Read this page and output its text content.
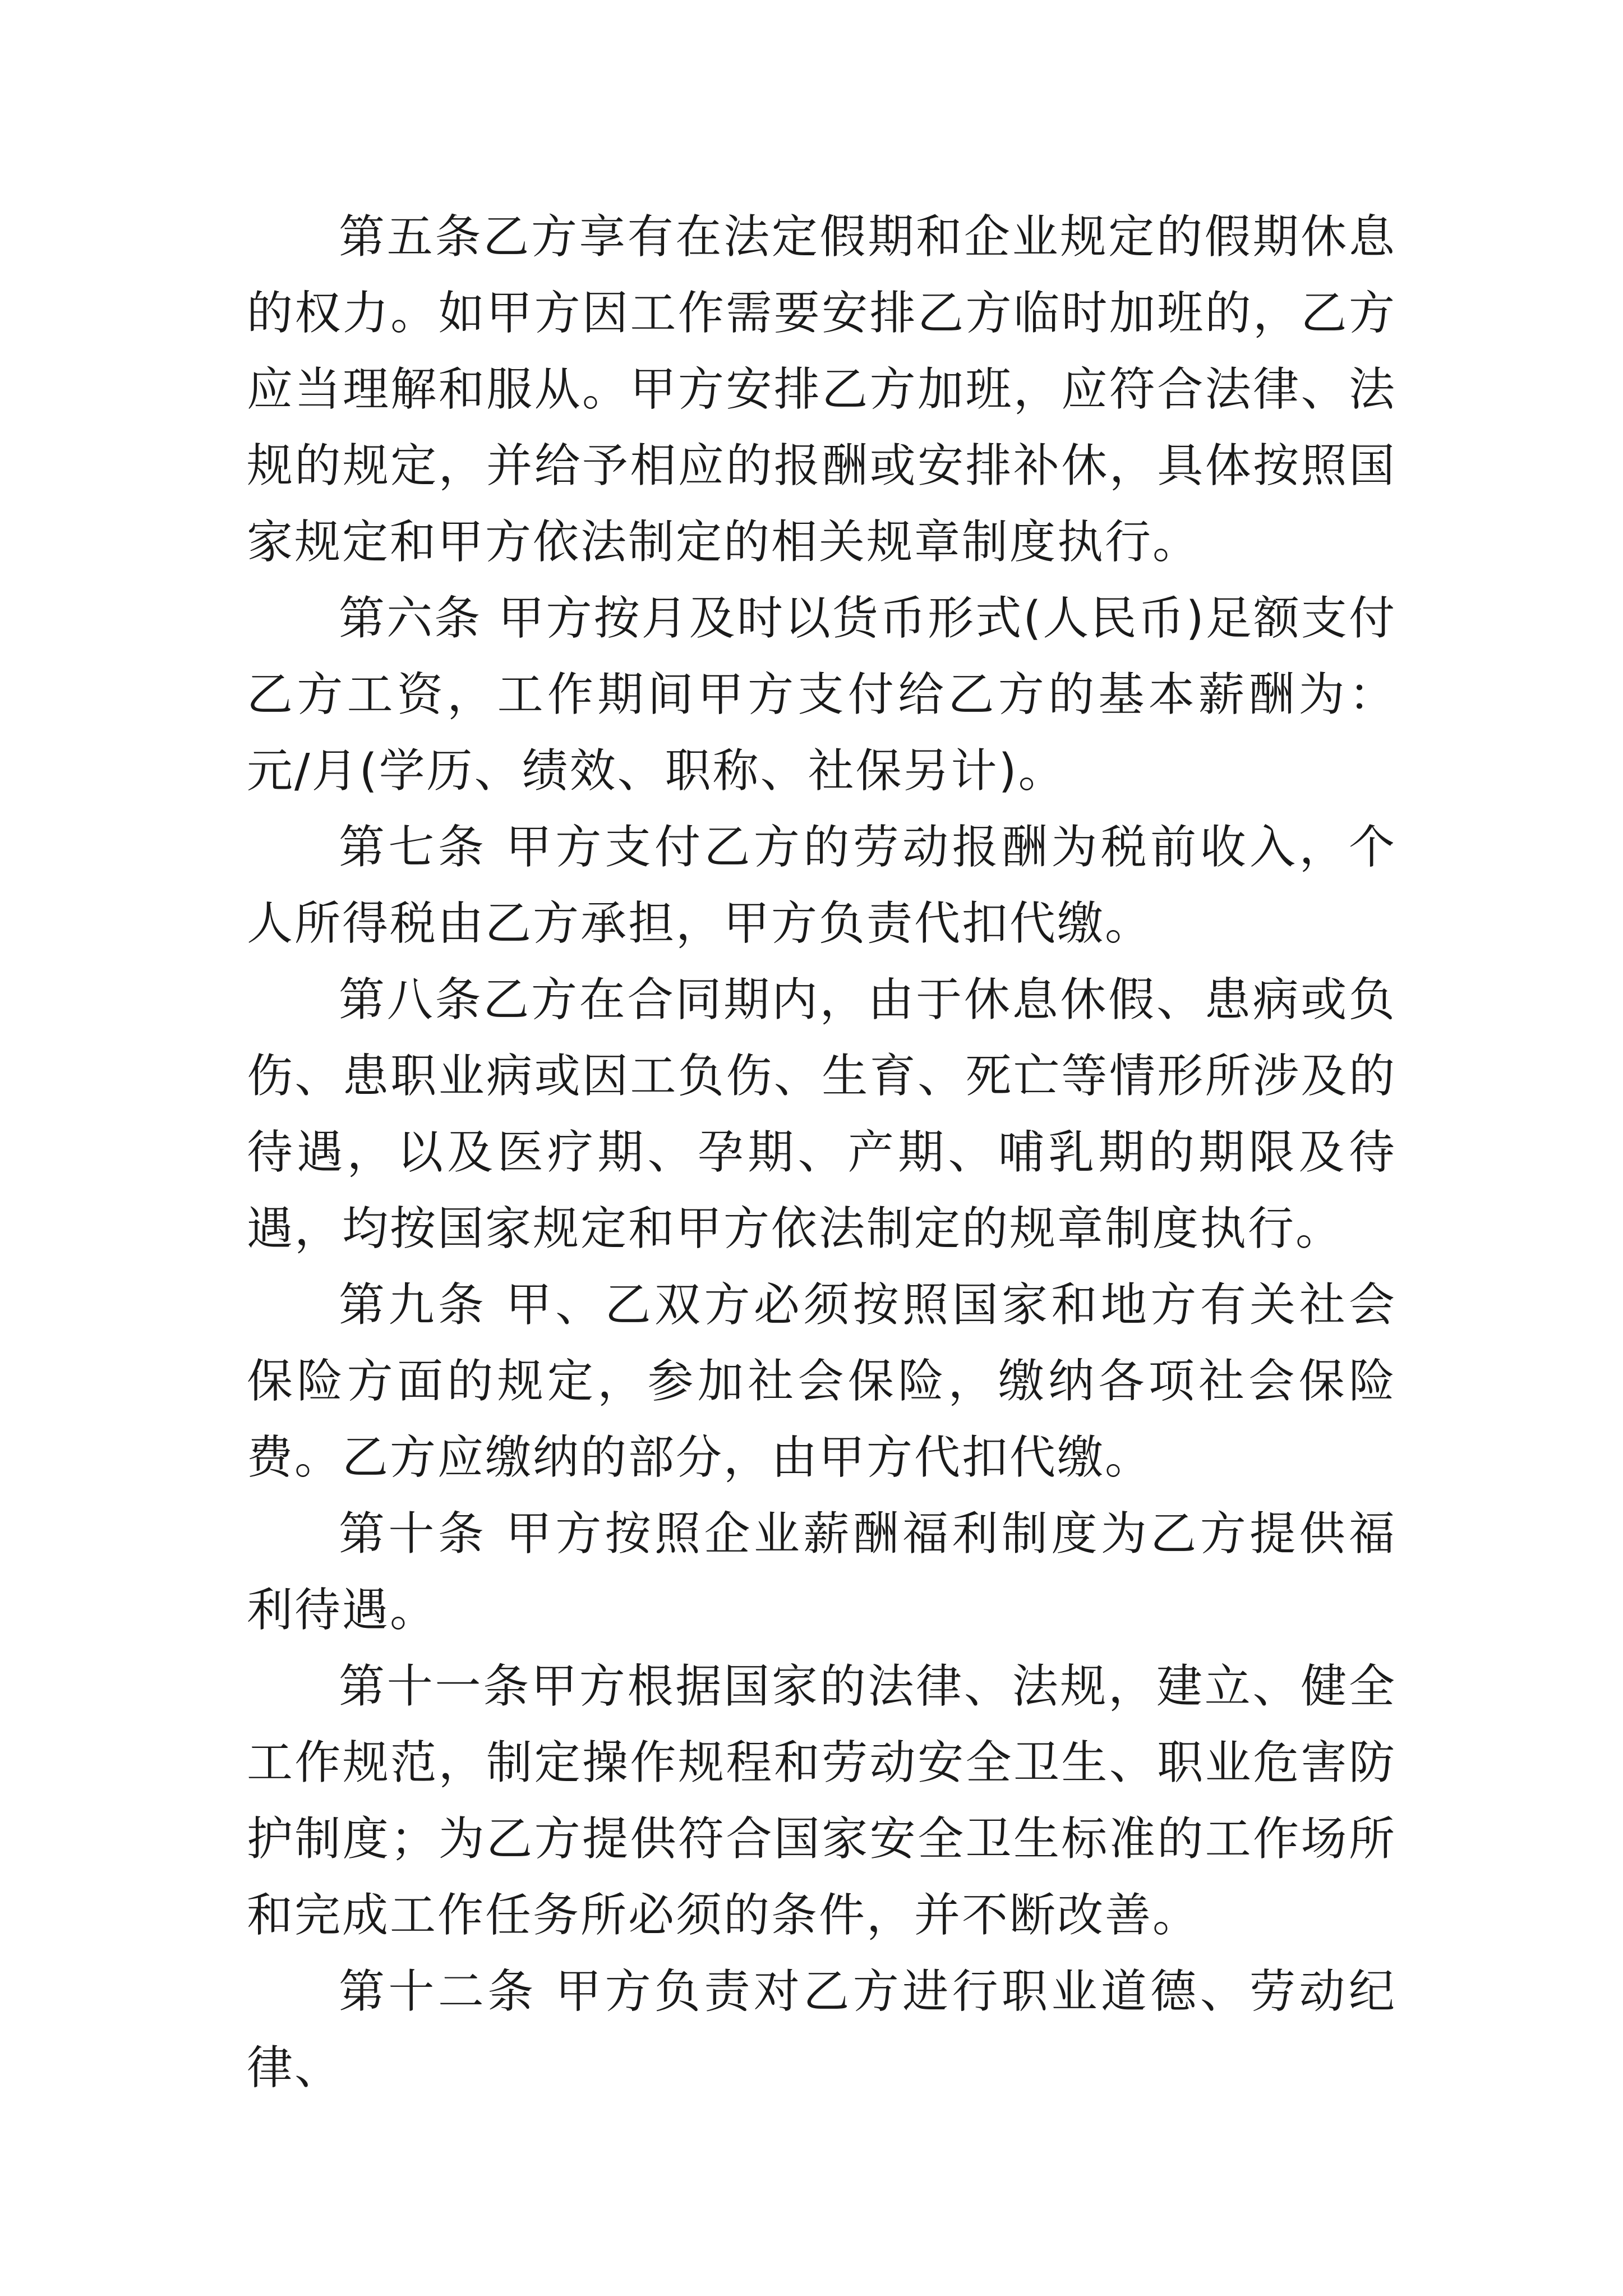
第五条乙方享有在法定假期和企业规定的假期休息的权力。如甲方因工作需要安排乙方临时加班的，乙方应当理解和服从。甲方安排乙方加班，应符合法律、法规的规定，并给予相应的报酬或安排补休，具体按照国家规定和甲方依法制定的相关规章制度执行。

第六条 甲方按月及时以货币形式(人民币)足额支付乙方工资，工作期间甲方支付给乙方的基本薪酬为：元/月(学历、绩效、职称、社保另计)。

第七条 甲方支付乙方的劳动报酬为税前收入，个人所得税由乙方承担，甲方负责代扣代缴。

第八条乙方在合同期内，由于休息休假、患病或负伤、患职业病或因工负伤、生育、死亡等情形所涉及的待遇，以及医疗期、孕期、产期、哺乳期的期限及待遇，均按国家规定和甲方依法制定的规章制度执行。

第九条 甲、乙双方必须按照国家和地方有关社会保险方面的规定，参加社会保险，缴纳各项社会保险费。乙方应缴纳的部分，由甲方代扣代缴。

第十条 甲方按照企业薪酬福利制度为乙方提供福利待遇。

第十一条甲方根据国家的法律、法规，建立、健全工作规范，制定操作规程和劳动安全卫生、职业危害防护制度；为乙方提供符合国家安全卫生标准的工作场所和完成工作任务所必须的条件，并不断改善。

第十二条 甲方负责对乙方进行职业道德、劳动纪律、
